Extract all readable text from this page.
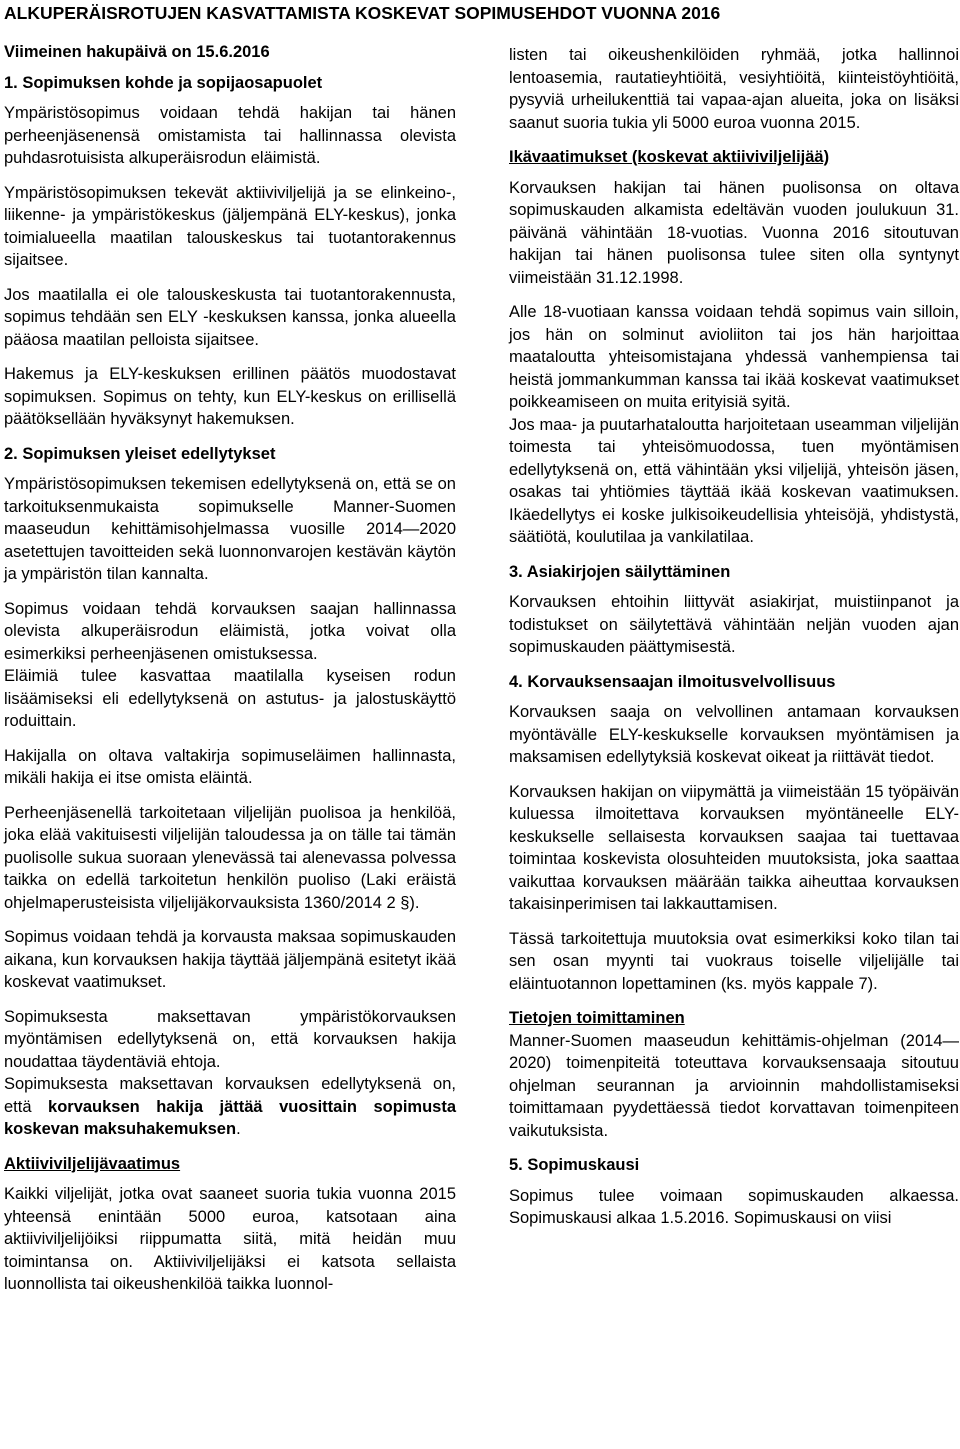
ALKUPERÄISROTUJEN KASVATTAMISTA KOSKEVAT SOPIMUSEHDOT VUONNA 2016

Viimeinen hakupäivä on 15.6.2016

1. Sopimuksen kohde ja sopijaosapuolet

Ympäristösopimus voidaan tehdä hakijan tai hänen perheenjäsenensä omistamista tai hallinnassa olevista puhdasrotuisista alkuperäisrodun eläimistä.

Ympäristösopimuksen tekevät aktiiviviljelijä ja se elinkeino-, liikenne- ja ympäristökeskus (jäljempänä ELY-keskus), jonka toimialueella maatilan talouskeskus tai tuotantorakennus sijaitsee.

Jos maatilalla ei ole talouskeskusta tai tuotantorakennusta, sopimus tehdään sen ELY -keskuksen kanssa, jonka alueella pääosa maatilan pelloista sijaitsee.

Hakemus ja ELY-keskuksen erillinen päätös muodostavat sopimuksen. Sopimus on tehty, kun ELY-keskus on erillisellä päätöksellään hyväksynyt hakemuksen.

2. Sopimuksen yleiset edellytykset

Ympäristösopimuksen tekemisen edellytyksenä on, että se on tarkoituksenmukaista sopimukselle Manner-Suomen maaseudun kehittämisohjelmassa vuosille 2014—2020 asetettujen tavoitteiden sekä luonnonvarojen kestävän käytön ja ympäristön tilan kannalta.

Sopimus voidaan tehdä korvauksen saajan hallinnassa olevista alkuperäisrodun eläimistä, jotka voivat olla esimerkiksi perheenjäsenen omistuksessa.

Eläimiä tulee kasvattaa maatilalla kyseisen rodun lisäämiseksi eli edellytyksenä on astutus- ja jalostuskäyttö roduittain.

Hakijalla on oltava valtakirja sopimuseläimen hallinnasta, mikäli hakija ei itse omista eläintä.

Perheenjäsenellä tarkoitetaan viljelijän puolisoa ja henkilöä, joka elää vakituisesti viljelijän taloudessa ja on tälle tai tämän puolisolle sukua suoraan ylenevässä tai alenevassa polvessa taikka on edellä tarkoitetun henkilön puoliso (Laki eräistä ohjelmaperusteisista viljelijäkorvauksista 1360/2014 2 §).

Sopimus voidaan tehdä ja korvausta maksaa sopimuskauden aikana, kun korvauksen hakija täyttää jäljempänä esitetyt ikää koskevat vaatimukset.

Sopimuksesta maksettavan ympäristökorvauksen myöntämisen edellytyksenä on, että korvauksen hakija noudattaa täydentäviä ehtoja.

Sopimuksesta maksettavan korvauksen edellytyksenä on, että korvauksen hakija jättää vuosittain sopimusta koskevan maksuhakemuksen.

Aktiiviviljelijävaatimus

Kaikki viljelijät, jotka ovat saaneet suoria tukia vuonna 2015 yhteensä enintään 5000 euroa, katsotaan aina aktiiviviljelijöiksi riippumatta siitä, mitä heidän muu toimintansa on. Aktiiviviljelijäksi ei katsota sellaista luonnollista tai oikeushenkilöä taikka luonnol-

listen tai oikeushenkilöiden ryhmää, jotka hallinnoi lentoasemia, rautatieyhtiöitä, vesiyhtiöitä, kiinteistöyhtiöitä, pysyviä urheilukenttiä tai vapaa-ajan alueita, joka on lisäksi saanut suoria tukia yli 5000 euroa vuonna 2015.

Ikävaatimukset (koskevat aktiiviviljelijää)

Korvauksen hakijan tai hänen puolisonsa on oltava sopimuskauden alkamista edeltävän vuoden joulukuun 31. päivänä vähintään 18-vuotias. Vuonna 2016 sitoutuvan hakijan tai hänen puolisonsa tulee siten olla syntynyt viimeistään 31.12.1998.

Alle 18-vuotiaan kanssa voidaan tehdä sopimus vain silloin, jos hän on solminut avioliiton tai jos hän harjoittaa maataloutta yhteisomistajana yhdessä vanhempiensa tai heistä jommankumman kanssa tai ikää koskevat vaatimukset poikkeamiseen on muita erityisiä syitä.

Jos maa- ja puutarhataloutta harjoitetaan useamman viljelijän toimesta tai yhteisömuodossa, tuen myöntämisen edellytyksenä on, että vähintään yksi viljelijä, yhteisön jäsen, osakas tai yhtiömies täyttää ikää koskevan vaatimuksen. Ikäedellytys ei koske julkisoikeudellisia yhteisöjä, yhdistystä, säätiötä, koulutilaa ja vankilatilaa.

3. Asiakirjojen säilyttäminen

Korvauksen ehtoihin liittyvät asiakirjat, muistiinpanot ja todistukset on säilytettävä vähintään neljän vuoden ajan sopimuskauden päättymisestä.

4. Korvauksensaajan ilmoitusvelvollisuus

Korvauksen saaja on velvollinen antamaan korvauksen myöntävälle ELY-keskukselle korvauksen myöntämisen ja maksamisen edellytyksiä koskevat oikeat ja riittävät tiedot.

Korvauksen hakijan on viipymättä ja viimeistään 15 työpäivän kuluessa ilmoitettava korvauksen myöntäneelle ELY-keskukselle sellaisesta korvauksen saajaa tai tuettavaa toimintaa koskevista olosuhteiden muutoksista, joka saattaa vaikuttaa korvauksen määrään taikka aiheuttaa korvauksen takaisinperimisen tai lakkauttamisen.

Tässä tarkoitettuja muutoksia ovat esimerkiksi koko tilan tai sen osan myynti tai vuokraus toiselle viljelijälle tai eläintuotannon lopettaminen (ks. myös kappale 7).

Tietojen toimittaminen

Manner-Suomen maaseudun kehittämis-ohjelman (2014—2020) toimenpiteitä toteuttava korvauksensaaja sitoutuu ohjelman seurannan ja arvioinnin mahdollistamiseksi toimittamaan pyydettäessä tiedot korvattavan toimenpiteen vaikutuksista.

5. Sopimuskausi

Sopimus tulee voimaan sopimuskauden alkaessa. Sopimuskausi alkaa 1.5.2016. Sopimuskausi on viisi
